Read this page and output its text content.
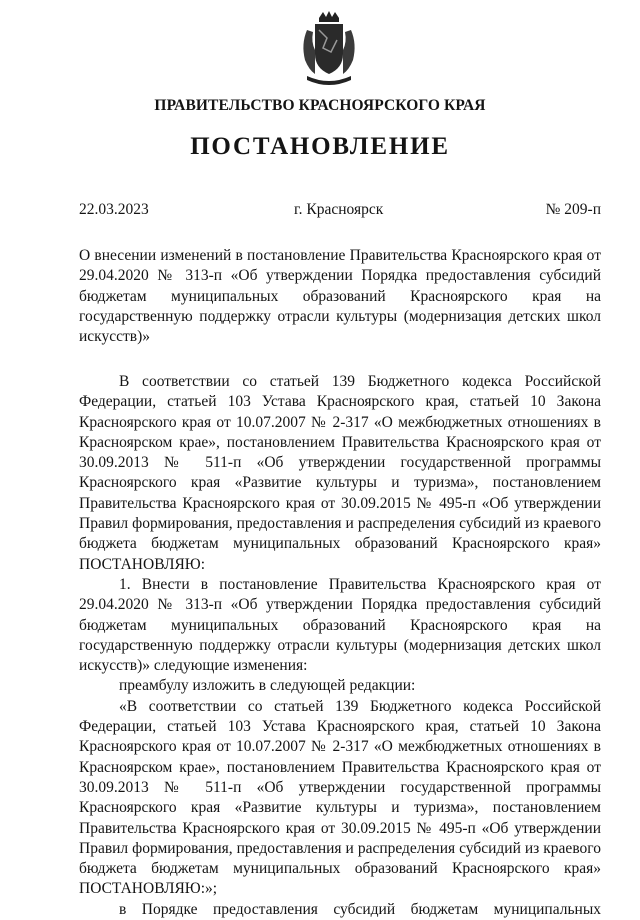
ПРАВИТЕЛЬСТВО КРАСНОЯРСКОГО КРАЯ
ПОСТАНОВЛЕНИЕ
22.03.2023	г. Красноярск	№ 209-п
О внесении изменений в постановление Правительства Красноярского края от 29.04.2020 № 313-п «Об утверждении Порядка предоставления субсидий бюджетам муниципальных образований Красноярского края на государственную поддержку отрасли культуры (модернизация детских школ искусств)»

В соответствии со статьей 139 Бюджетного кодекса Российской Федерации, статьей 103 Устава Красноярского края, статьей 10 Закона Красноярского края от 10.07.2007 № 2-317 «О межбюджетных отношениях в Красноярском крае», постановлением Правительства Красноярского края от 30.09.2013 № 511-п «Об утверждении государственной программы Красноярского края «Развитие культуры и туризма», постановлением Правительства Красноярского края от 30.09.2015 № 495-п «Об утверждении Правил формирования, предоставления и распределения субсидий из краевого бюджета бюджетам муниципальных образований Красноярского края» ПОСТАНОВЛЯЮ:

1. Внести в постановление Правительства Красноярского края от 29.04.2020 № 313-п «Об утверждении Порядка предоставления субсидий бюджетам муниципальных образований Красноярского края на государственную поддержку отрасли культуры (модернизация детских школ искусств)» следующие изменения:

преамбулу изложить в следующей редакции:

«В соответствии со статьей 139 Бюджетного кодекса Российской Федерации, статьей 103 Устава Красноярского края, статьей 10 Закона Красноярского края от 10.07.2007 № 2-317 «О межбюджетных отношениях в Красноярском крае», постановлением Правительства Красноярского края от 30.09.2013 № 511-п «Об утверждении государственной программы Красноярского края «Развитие культуры и туризма», постановлением Правительства Красноярского края от 30.09.2015 № 495-п «Об утверждении Правил формирования, предоставления и распределения субсидий из краевого бюджета бюджетам муниципальных образований Красноярского края» ПОСТАНОВЛЯЮ:»;

в Порядке предоставления субсидий бюджетам муниципальных
